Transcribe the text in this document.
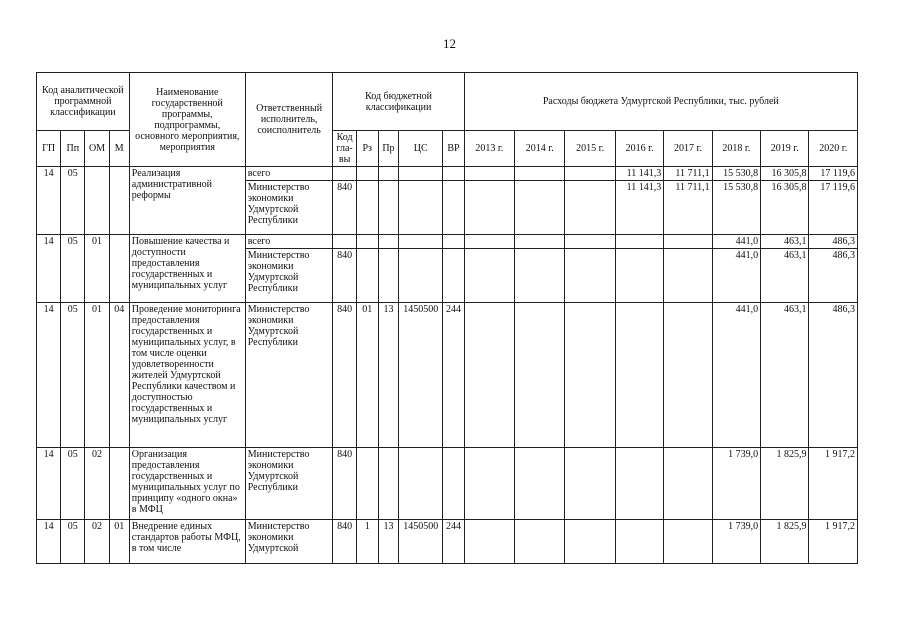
12
Код аналитической программной классификации				Наименование государственной программы, подпрограммы, основного мероприятия, мероприятия	Ответственный исполнитель, соисполнитель	Код бюджетной классификации					Расходы бюджета Удмуртской Республики, тыс. рублей							
ГП	Пп	ОМ	М			Код гла-вы	Рз	Пр	ЦС	ВР	2013 г.	2014 г.	2015 г.	2016 г.	2017 г.	2018 г.	2019 г.	2020 г.
14	05			Реализация административной реформы	всего									11 141,3	11 711,1	15 530,8	16 305,8	17 119,6
					Министерство экономики Удмуртской Республики	840								11 141,3	11 711,1	15 530,8	16 305,8	17 119,6
14	05	01		Повышение качества и доступности предоставления государственных и муниципальных услуг	всего											441,0	463,1	486,3
					Министерство экономики Удмуртской Республики	840										441,0	463,1	486,3
14	05	01	04	Проведение мониторинга предоставления государственных и муниципальных услуг, в том числе оценки удовлетворенности жителей Удмуртской Республики качеством и доступностью государственных и муниципальных услуг	Министерство экономики Удмуртской Республики	840	01	13	1450500	244						441,0	463,1	486,3
14	05	02		Организация предоставления государственных и муниципальных услуг по принципу «одного окна» в МФЦ	Министерство экономики Удмуртской Республики	840										1 739,0	1 825,9	1 917,2
14	05	02	01	Внедрение единых стандартов работы МФЦ, в том числе	Министерство экономики Удмуртской	840	1	13	1450500	244						1 739,0	1 825,9	1 917,2
